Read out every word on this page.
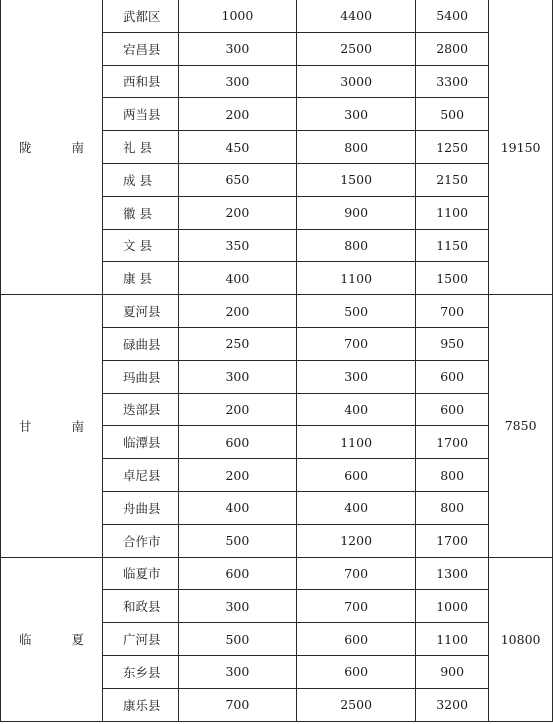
陇 南	武都区	1000	4400	5400	19150
	宕昌县	300	2500	2800	
	西和县	300	3000	3300	
	两当县	200	300	500	
	礼 县	450	800	1250	
	成 县	650	1500	2150	
	徽 县	200	900	1100	
	文 县	350	800	1150	
	康 县	400	1100	1500	
甘 南	夏河县	200	500	700	7850
	碌曲县	250	700	950	
	玛曲县	300	300	600	
	迭部县	200	400	600	
	临潭县	600	1100	1700	
	卓尼县	200	600	800	
	舟曲县	400	400	800	
	合作市	500	1200	1700	
临 夏	临夏市	600	700	1300	10800
	和政县	300	700	1000	
	广河县	500	600	1100	
	东乡县	300	600	900	
	康乐县	700	2500	3200	
